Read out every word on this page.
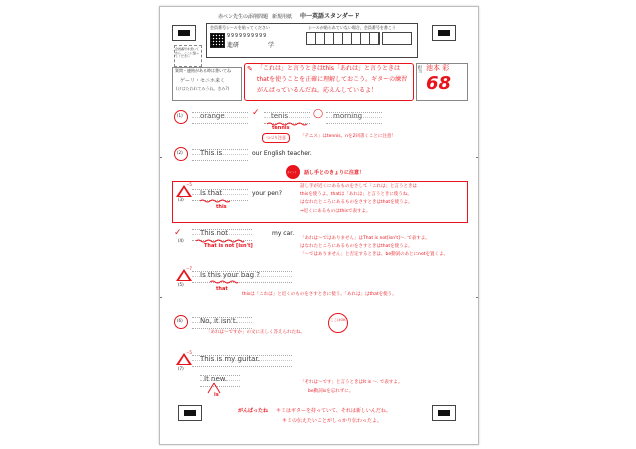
赤ペン先生の添削問題 新規用紙 中一英語スタンダード
会員番号シールを貼ってください	シールが貼られていない場合、会員番号を書こう
9999999999
進研	学
会員番号を書いてから、ここに貼ってください
質問・連絡がある時は書いてね
ゲーリ・セニホ来く
(けはたわれてみうね。きみ?)
✎ 「これは」と言うときはthis「あれは」と言うときは
thatを使うことを正確に理解しておこう。ギターの練習
がんばっているんだね。応えんしているよ！
担当 池本 彩
68
(1) orange	✓ tenis
tennis
◯ morning
つづり注意	「テニス」はtennis。nを2回書くことに注意！
(2) This is	our English teacher.
ポイント 話し手とのきょりに注意！
−5
(3)
Is that
this
your pen?
話し手が近くにあるものをさして「これは」と言うときは
thisを使うよ。thatは「あれは」と言うときに使うね。
はなれたところにあるものをさすときはthatを使うよ。
⇒近くにあるものはthisで表すよ。
✓
(4)
This not
That is not [isn't]
my car.
「あれは～ではありません」はThat is not[isn't]～. で表すよ。
はなれたところにあるものをさすときはthatを使うよ。
「～ではありません」と否定するときは、be動詞のあとにnotを置くよ。
−7
(5)
Is this your bag ?
that
thisは「これは」と近くのものをさすときに使う。「あれは」はthatを使う。
(6) No, it isn't.	ここはOK
「あれは～ですか」の文に正しく答えられたね。
−5
(7)
This is my guitar.
It new.
is
「それは～です」と言うときはIt is ～. で表すよ。
be動詞isを忘れずに。
がんばったね キミはギターを持っていて、それは新しいんだね。
キミの伝えたいことがしっかり伝わったよ。
